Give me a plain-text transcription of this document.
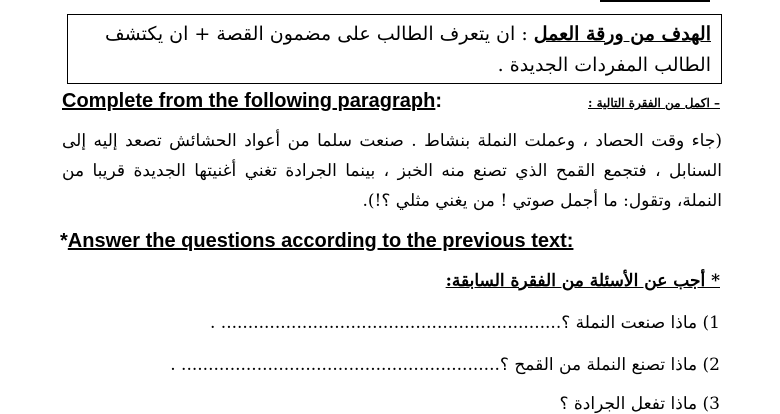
الهدف من ورقة العمل : ان يتعرف الطالب على مضمون القصة + ان يكتشف الطالب المفردات الجديدة .
Complete from the following paragraph:	– اكمل من الفقرة التالية :
(جاء وقت الحصاد ، وعملت النملة بنشاط . صنعت سلما من أعواد الحشائش تصعد إليه إلى السنابل ، فتجمع القمح الذي تصنع منه الخبز ، بينما الجرادة تغني أغنيتها الجديدة قريبا من النملة، وتقول: ما أجمل صوتي ! من يغني مثلي ؟!).
*Answer the questions according to the previous text:
* أجب عن الأسئلة من الفقرة السابقة:
1) ماذا صنعت النملة ؟............................................................... .
2) ماذا تصنع النملة من القمح ؟........................................................... .
3) ماذا تفعل الجرادة ؟
